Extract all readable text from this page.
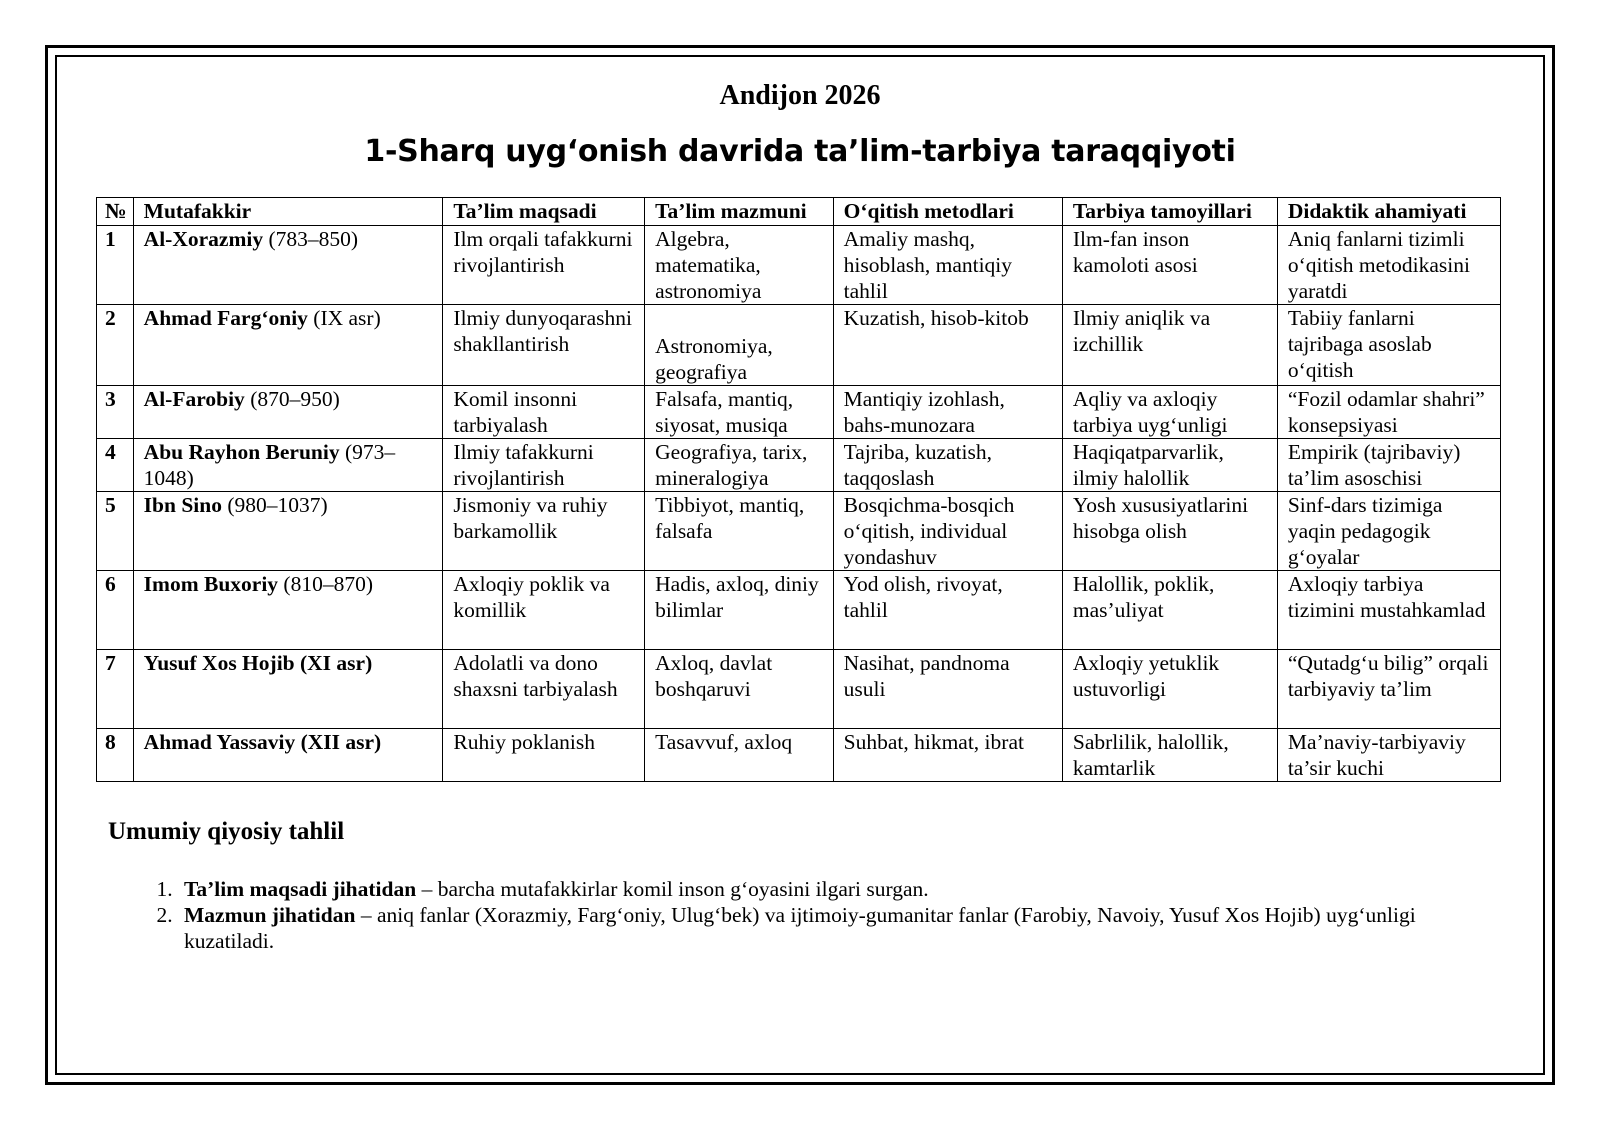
Andijon 2026
1-Sharq uyg‘onish davrida ta’lim-tarbiya taraqqiyoti
№	Mutafakkir	Ta’lim maqsadi	Ta’lim mazmuni	O‘qitish metodlari	Tarbiya tamoyillari	Didaktik ahamiyati
1	Al-Xorazmiy (783–850)	Ilm orqali tafakkurni rivojlantirish	Algebra, matematika, astronomiya	Amaliy mashq, hisoblash, mantiqiy tahlil	Ilm-fan inson kamoloti asosi	Aniq fanlarni tizimli o‘qitish metodikasini yaratdi
2	Ahmad Farg‘oniy (IX asr)	Ilmiy dunyoqarashni shakllantirish	Astronomiya, geografiya	Kuzatish, hisob-kitob	Ilmiy aniqlik va izchillik	Tabiiy fanlarni tajribaga asoslab o‘qitish
3	Al-Farobiy (870–950)	Komil insonni tarbiyalash	Falsafa, mantiq, siyosat, musiqa	Mantiqiy izohlash, bahs-munozara	Aqliy va axloqiy tarbiya uyg‘unligi	“Fozil odamlar shahri” konsepsiyasi
4	Abu Rayhon Beruniy (973–1048)	Ilmiy tafakkurni rivojlantirish	Geografiya, tarix, mineralogiya	Tajriba, kuzatish, taqqoslash	Haqiqatparvarlik, ilmiy halollik	Empirik (tajribaviy) ta’lim asoschisi
5	Ibn Sino (980–1037)	Jismoniy va ruhiy barkamollik	Tibbiyot, mantiq, falsafa	Bosqichma-bosqich o‘qitish, individual yondashuv	Yosh xususiyatlarini hisobga olish	Sinf-dars tizimiga yaqin pedagogik g‘oyalar
6	Imom Buxoriy (810–870)	Axloqiy poklik va komillik	Hadis, axloq, diniy bilimlar	Yod olish, rivoyat, tahlil	Halollik, poklik, mas’uliyat	Axloqiy tarbiya tizimini mustahkamlad
7	Yusuf Xos Hojib (XI asr)	Adolatli va dono shaxsni tarbiyalash	Axloq, davlat boshqaruvi	Nasihat, pandnoma usuli	Axloqiy yetuklik ustuvorligi	“Qutadg‘u bilig” orqali tarbiyaviy ta’lim
8	Ahmad Yassaviy (XII asr)	Ruhiy poklanish	Tasavvuf, axloq	Suhbat, hikmat, ibrat	Sabrlilik, halollik, kamtarlik	Ma’naviy-tarbiyaviy ta’sir kuchi
Umumiy qiyosiy tahlil
1. Ta’lim maqsadi jihatidan – barcha mutafakkirlar komil inson g‘oyasini ilgari surgan.
2. Mazmun jihatidan – aniq fanlar (Xorazmiy, Farg‘oniy, Ulug‘bek) va ijtimoiy-gumanitar fanlar (Farobiy, Navoiy, Yusuf Xos Hojib) uyg‘unligi kuzatiladi.
